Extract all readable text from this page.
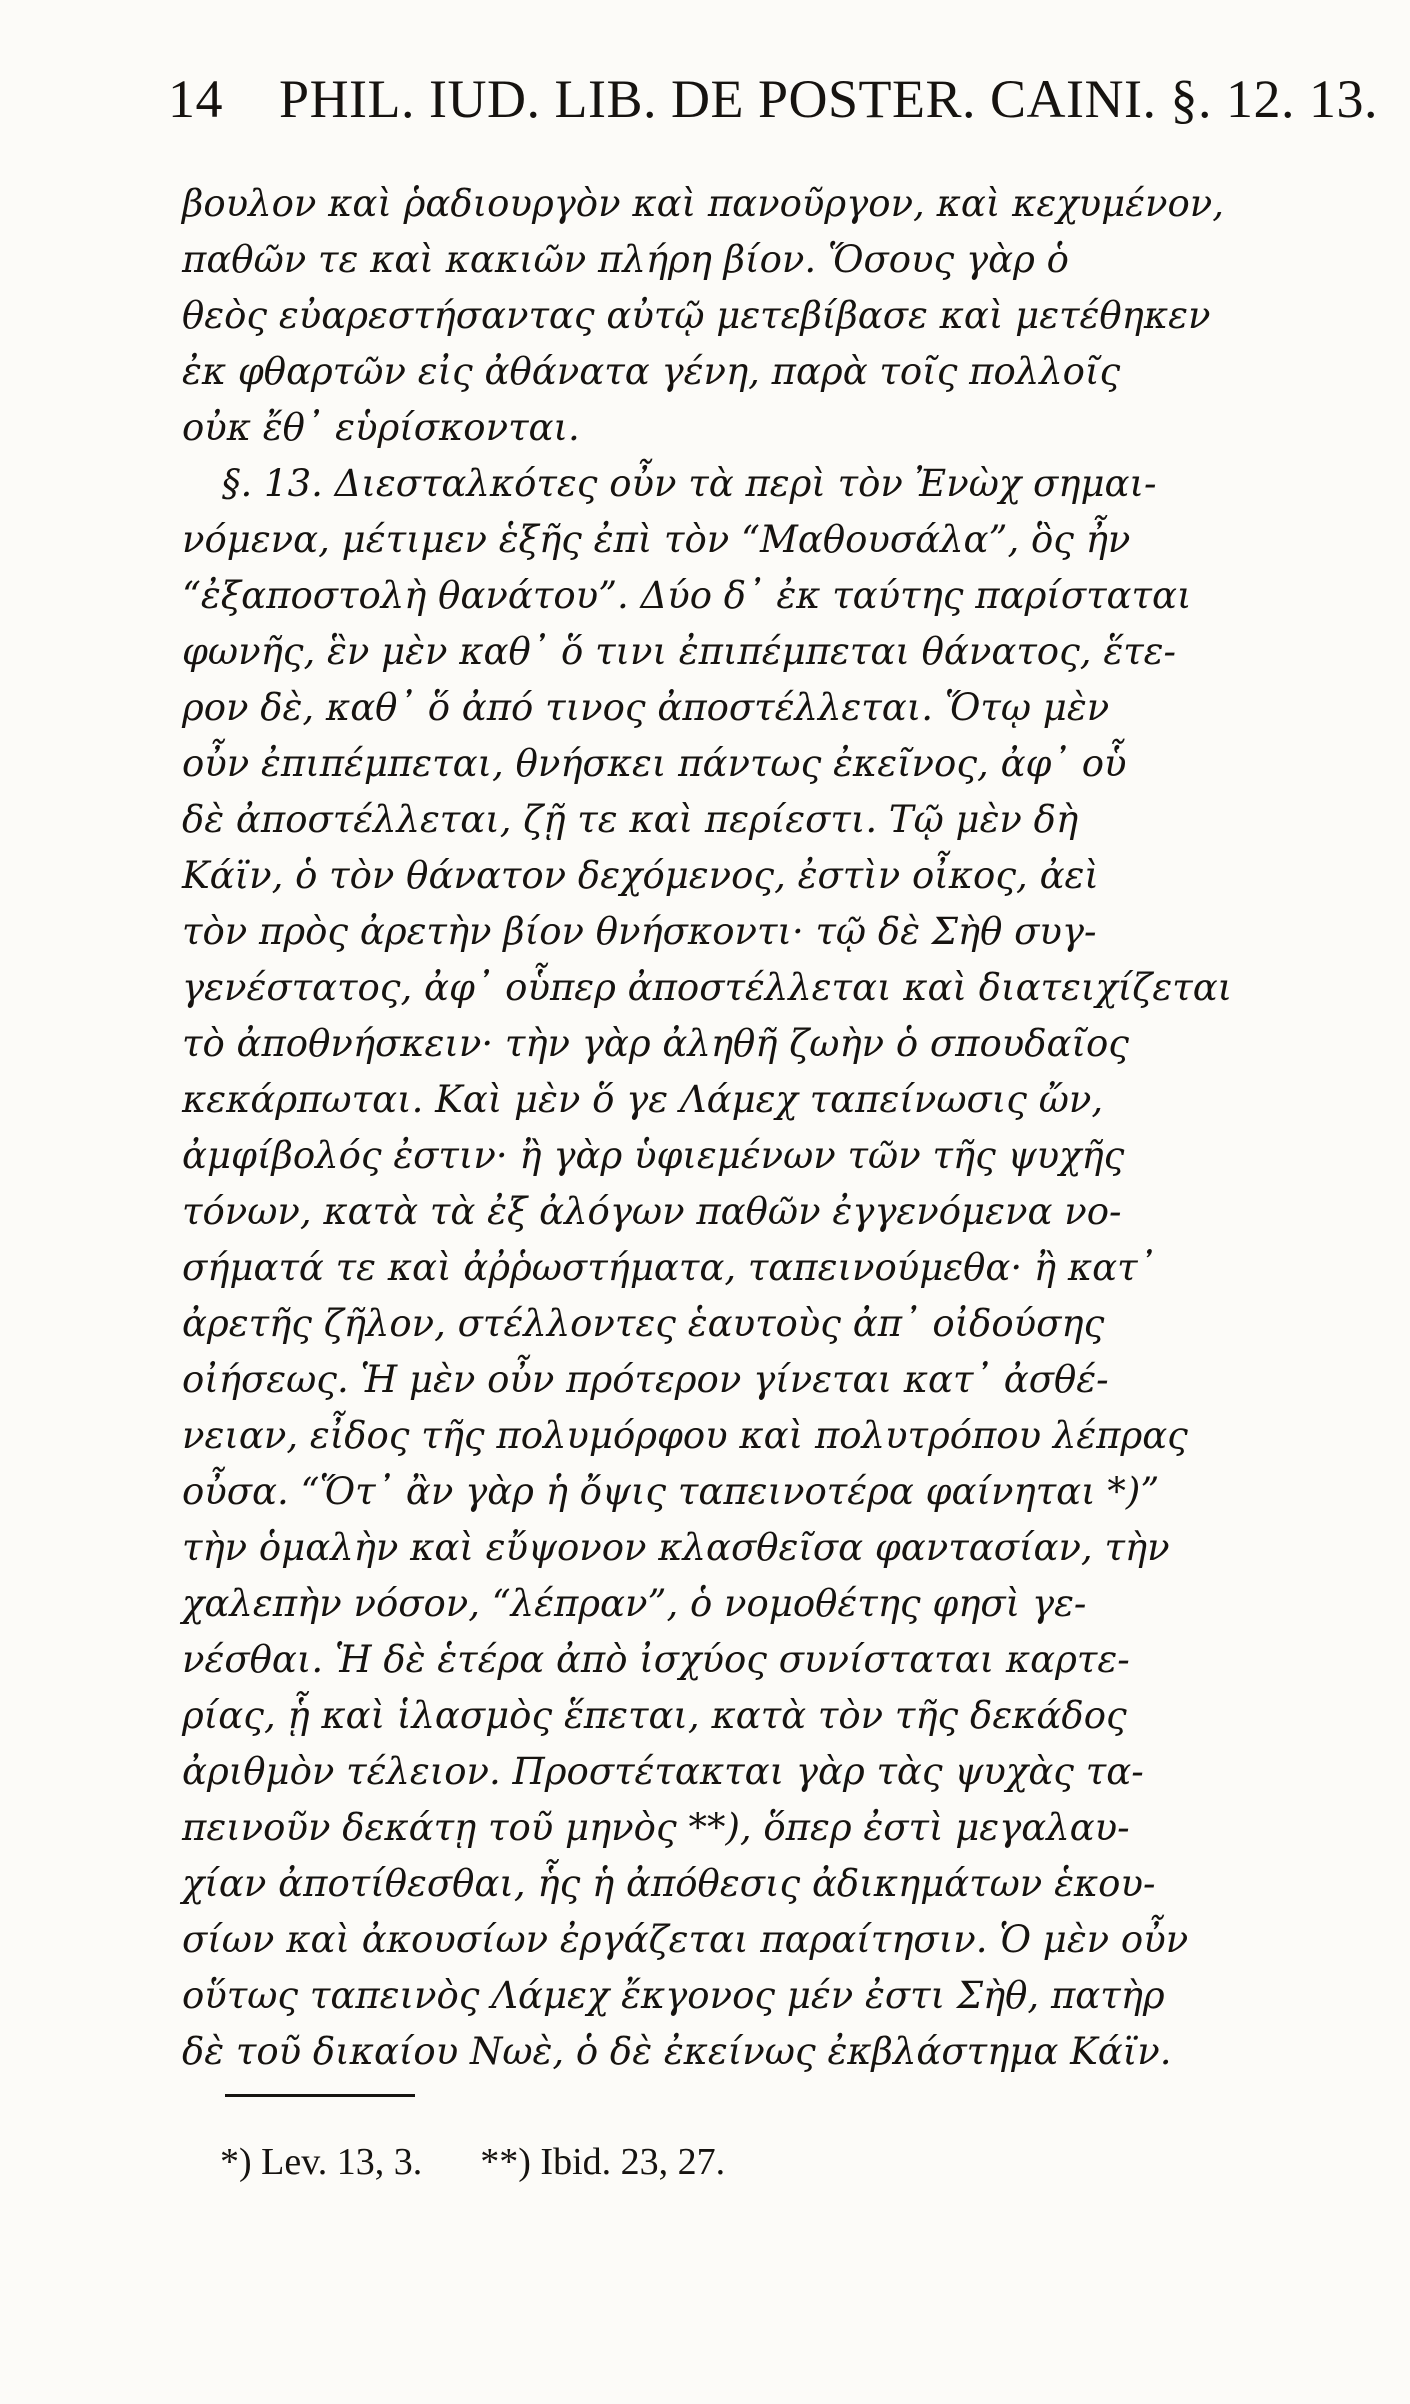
14 PHIL. IUD. LIB. DE POSTER. CAINI. §. 12. 13.
βουλον καὶ ῥαδιουργὸν καὶ πανοῦργον, καὶ κεχυμένον,
παθῶν τε καὶ κακιῶν πλήρη βίον. Ὅσους γὰρ ὁ
θεὸς εὐαρεστήσαντας αὐτῷ μετεβίβασε καὶ μετέθηκεν
ἐκ φθαρτῶν εἰς ἀθάνατα γένη, παρὰ τοῖς πολλοῖς
οὐκ ἔθ᾽ εὑρίσκονται.
§. 13. Διεσταλκότες οὖν τὰ περὶ τὸν Ἐνὼχ σημαι-
νόμενα, μέτιμεν ἑξῆς ἐπὶ τὸν “Μαθουσάλα”, ὃς ἦν
“ἐξαποστολὴ θανάτου”. Δύο δ᾽ ἐκ ταύτης παρίσταται
φωνῆς, ἓν μὲν καθ᾽ ὅ τινι ἐπιπέμπεται θάνατος, ἕτε-
ρον δὲ, καθ᾽ ὅ ἀπό τινος ἀποστέλλεται. Ὅτῳ μὲν
οὖν ἐπιπέμπεται, θνήσκει πάντως ἐκεῖνος, ἀφ᾽ οὗ
δὲ ἀποστέλλεται, ζῇ τε καὶ περίεστι. Τῷ μὲν δὴ
Κάϊν, ὁ τὸν θάνατον δεχόμενος, ἐστὶν οἶκος, ἀεὶ
τὸν πρὸς ἀρετὴν βίον θνήσκοντι· τῷ δὲ Σὴθ συγ-
γενέστατος, ἀφ᾽ οὗπερ ἀποστέλλεται καὶ διατειχίζεται
τὸ ἀποθνήσκειν· τὴν γὰρ ἀληθῆ ζωὴν ὁ σπουδαῖος
κεκάρπωται. Καὶ μὲν ὅ γε Λάμεχ ταπείνωσις ὤν,
ἀμφίβολός ἐστιν· ἢ γὰρ ὑφιεμένων τῶν τῆς ψυχῆς
τόνων, κατὰ τὰ ἐξ ἀλόγων παθῶν ἐγγενόμενα νο-
σήματά τε καὶ ἀῤῥωστήματα, ταπεινούμεθα· ἢ κατ᾽
ἀρετῆς ζῆλον, στέλλοντες ἑαυτοὺς ἀπ᾽ οἰδούσης
οἰήσεως. Ἡ μὲν οὖν πρότερον γίνεται κατ᾽ ἀσθέ-
νειαν, εἶδος τῆς πολυμόρφου καὶ πολυτρόπου λέπρας
οὖσα. “Ὅτ᾽ ἂν γὰρ ἡ ὄψις ταπεινοτέρα φαίνηται *)”
τὴν ὁμαλὴν καὶ εὔψονον κλασθεῖσα φαντασίαν, τὴν
χαλεπὴν νόσον, “λέπραν”, ὁ νομοθέτης φησὶ γε-
νέσθαι. Ἡ δὲ ἑτέρα ἀπὸ ἰσχύος συνίσταται καρτε-
ρίας, ᾗ καὶ ἱλασμὸς ἕπεται, κατὰ τὸν τῆς δεκάδος
ἀριθμὸν τέλειον. Προστέτακται γὰρ τὰς ψυχὰς τα-
πεινοῦν δεκάτῃ τοῦ μηνὸς **), ὅπερ ἐστὶ μεγαλαυ-
χίαν ἀποτίθεσθαι, ἧς ἡ ἀπόθεσις ἀδικημάτων ἑκου-
σίων καὶ ἀκουσίων ἐργάζεται παραίτησιν. Ὁ μὲν οὖν
οὕτως ταπεινὸς Λάμεχ ἔκγονος μέν ἐστι Σὴθ, πατὴρ
δὲ τοῦ δικαίου Νωὲ, ὁ δὲ ἐκείνως ἐκβλάστημα Κάϊν.
*) Lev. 13, 3. **) Ibid. 23, 27.
